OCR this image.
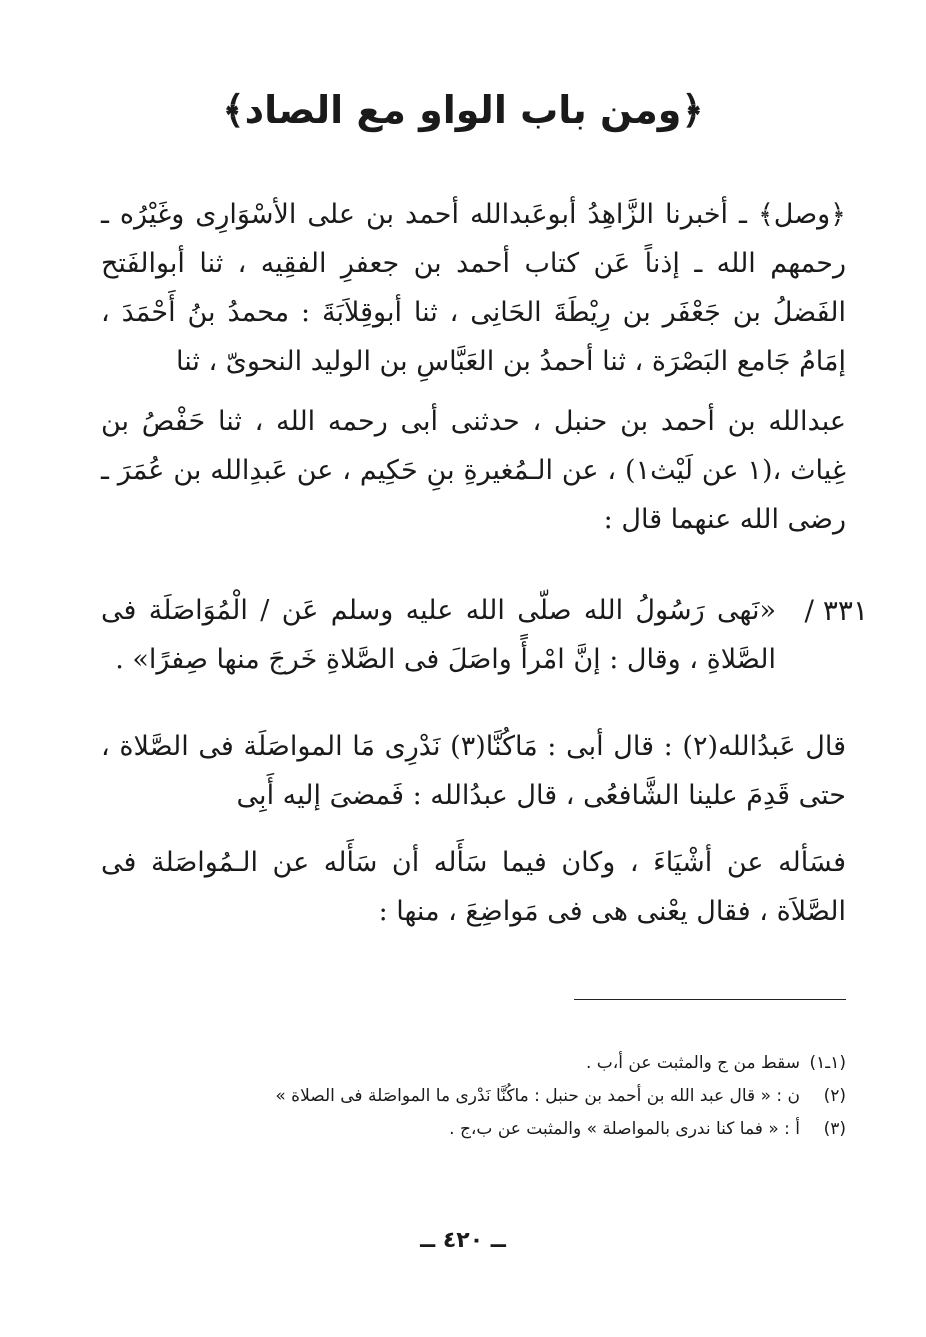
﴿ومن باب الواو مع الصاد﴾

﴿وصل﴾ ـ أخبرنا الزَّاهِدُ أبوعَبدالله أحمد بن على الأسْوَارِى وغَيْرُه ـ رحمهم الله ـ إذناً عَن كتاب أحمد بن جعفرِ الفقِيه ، ثنا أبوالفَتح الفَضلُ بن جَعْفَر بن رِيْطَةَ الحَانِى ، ثنا أبوقِلاَبَةَ : محمدُ بنُ أَحْمَدَ ، إمَامُ جَامع البَصْرَة ، ثنا أحمدُ بن العَبَّاسِ بن الوليد النحوىّ ، ثنا

عبدالله بن أحمد بن حنبل ، حدثنى أبى رحمه الله ، ثنا حَفْصُ بن غِياث ،(١ عن لَيْث١) ، عن الـمُغيرةِ بنِ حَكِيم ، عن عَبدِالله بن عُمَرَ ـ رضى الله عنهما قال :

٣٣١ /

«نَهى رَسُولُ الله صلّى الله عليه وسلم عَن / الْمُوَاصَلَة فى الصَّلاةِ ، وقال : إنَّ امْرأً واصَلَ فى الصَّلاةِ خَرجَ منها صِفرًا» .

قال عَبدُالله(٢) : قال أبى : مَاكُنَّا(٣) نَدْرِى مَا المواصَلَة فى الصَّلاة ، حتى قَدِمَ علينا الشَّافعُى ، قال عبدُالله : فَمضىَ إليه أَبِى

فسَأله عن أشْيَاءَ ، وكان فيما سَأَله أن سَأَله عن الـمُواصَلة فى الصَّلاَة ، فقال يعْنى هى فى مَواضِعَ ، منها :

(١ـ١)
سقط من ج والمثبت عن أ،ب .
(٢)
ن : « قال عبد الله بن أحمد بن حنبل : ماكُنَّا نَدْرى ما المواصَلة فى الصلاة »
(٣)
أ : « فما كنا ندرى بالمواصلة » والمثبت عن ب،ج .
ــ ٤٢٠ ــ
